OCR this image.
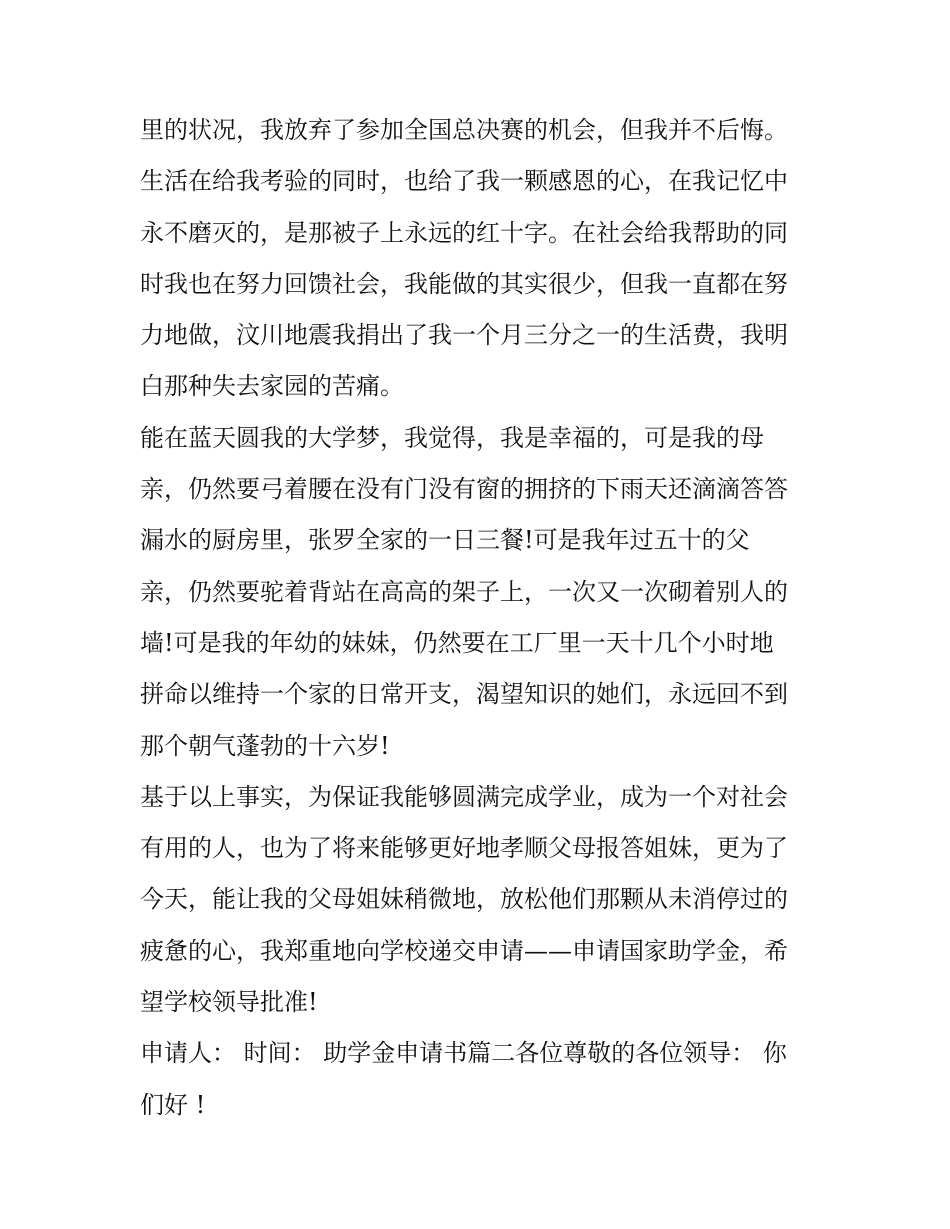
里的状况，我放弃了参加全国总决赛的机会，但我并不后悔。
生活在给我考验的同时，也给了我一颗感恩的心，在我记忆中
永不磨灭的，是那被子上永远的红十字。在社会给我帮助的同
时我也在努力回馈社会，我能做的其实很少，但我一直都在努
力地做，汶川地震我捐出了我一个月三分之一的生活费，我明
白那种失去家园的苦痛。
能在蓝天圆我的大学梦，我觉得，我是幸福的，可是我的母
亲，仍然要弓着腰在没有门没有窗的拥挤的下雨天还滴滴答答
漏水的厨房里，张罗全家的一日三餐!可是我年过五十的父
亲，仍然要驼着背站在高高的架子上，一次又一次砌着别人的
墙!可是我的年幼的妹妹，仍然要在工厂里一天十几个小时地
拼命以维持一个家的日常开支，渴望知识的她们，永远回不到
那个朝气蓬勃的十六岁!
基于以上事实，为保证我能够圆满完成学业，成为一个对社会
有用的人，也为了将来能够更好地孝顺父母报答姐妹，更为了
今天，能让我的父母姐妹稍微地，放松他们那颗从未消停过的
疲惫的心，我郑重地向学校递交申请——申请国家助学金，希
望学校领导批准!
申请人： 时间： 助学金申请书篇二各位尊敬的各位领导： 你
们好 !
